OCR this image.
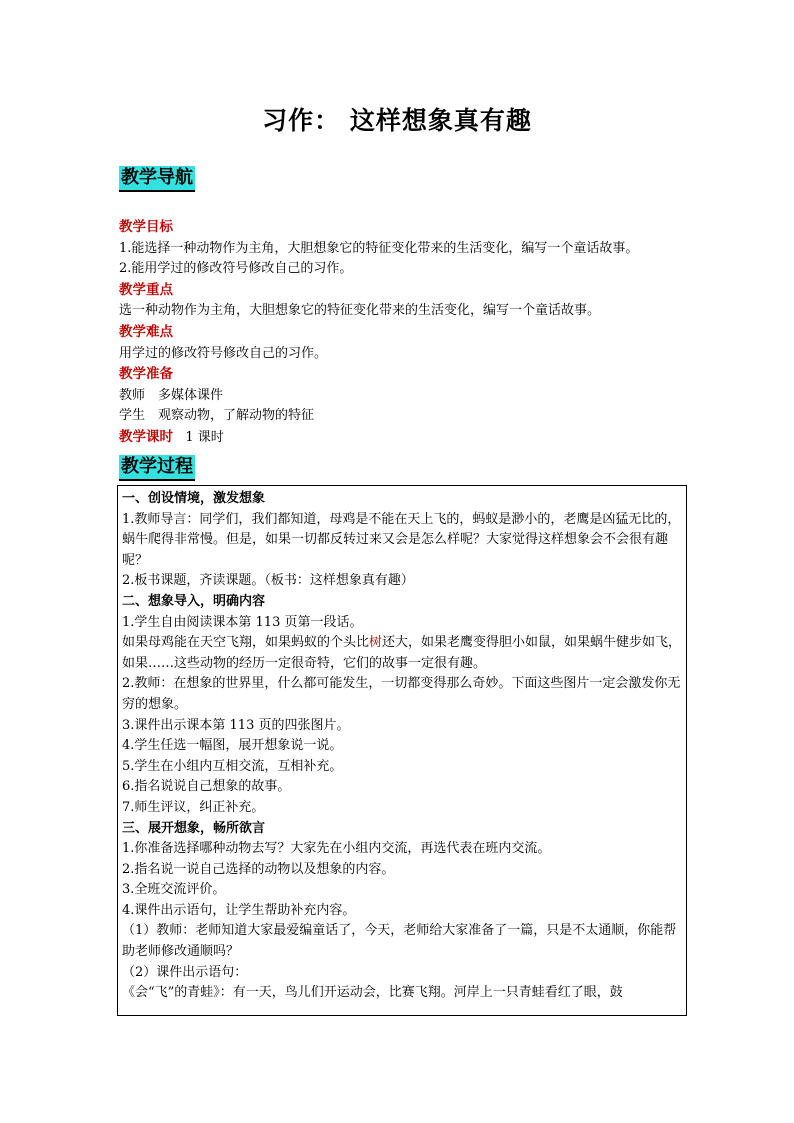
习作： 这样想象真有趣
教学导航

教学目标

1.能选择一种动物作为主角，大胆想象它的特征变化带来的生活变化，编写一个童话故事。

2.能用学过的修改符号修改自己的习作。

教学重点

选一种动物作为主角，大胆想象它的特征变化带来的生活变化，编写一个童话故事。

教学难点

用学过的修改符号修改自己的习作。

教学准备

教师　多媒体课件

学生　观察动物，了解动物的特征

教学课时 1 课时

教学过程

一、创设情境，激发想象

1.教师导言：同学们，我们都知道，母鸡是不能在天上飞的，蚂蚁是渺小的，老鹰是凶猛无比的，蜗牛爬得非常慢。但是，如果一切都反转过来又会是怎么样呢？大家觉得这样想象会不会很有趣呢？

2.板书课题，齐读课题。（板书：这样想象真有趣）

二、想象导入，明确内容

1.学生自由阅读课本第 113 页第一段话。

如果母鸡能在天空飞翔，如果蚂蚁的个头比树还大，如果老鹰变得胆小如鼠，如果蜗牛健步如飞，如果……这些动物的经历一定很奇特，它们的故事一定很有趣。

2.教师：在想象的世界里，什么都可能发生，一切都变得那么奇妙。下面这些图片一定会激发你无穷的想象。

3.课件出示课本第 113 页的四张图片。

4.学生任选一幅图，展开想象说一说。

5.学生在小组内互相交流，互相补充。

6.指名说说自己想象的故事。

7.师生评议，纠正补充。

三、展开想象，畅所欲言

1.你准备选择哪种动物去写？大家先在小组内交流，再选代表在班内交流。

2.指名说一说自己选择的动物以及想象的内容。

3.全班交流评价。

4.课件出示语句，让学生帮助补充内容。

（1）教师：老师知道大家最爱编童话了，今天，老师给大家准备了一篇，只是不太通顺，你能帮助老师修改通顺吗？

（2）课件出示语句：

《会“飞”的青蛙》：有一天，鸟儿们开运动会，比赛飞翔。河岸上一只青蛙看红了眼，鼓
